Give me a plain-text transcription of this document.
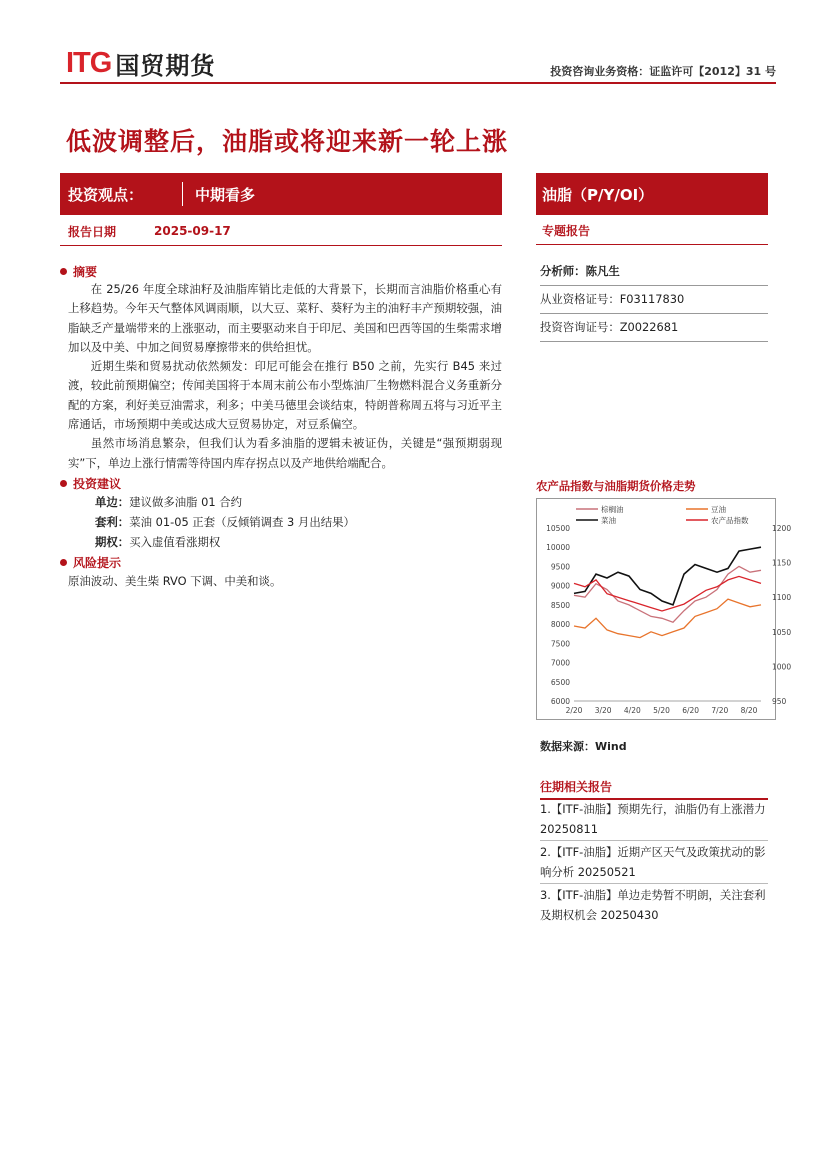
ITG 国贸期货	投资咨询业务资格：证监许可【2012】31 号
低波调整后，油脂或将迎来新一轮上涨
投资观点：	中期看多	油脂（P/Y/OI）
报告日期	2025-09-17	专题报告
摘要

在 25/26 年度全球油籽及油脂库销比走低的大背景下，长期而言油脂价格重心有上移趋势。今年天气整体风调雨顺，以大豆、菜籽、葵籽为主的油籽丰产预期较强，油脂缺乏产量端带来的上涨驱动，而主要驱动来自于印尼、美国和巴西等国的生柴需求增加以及中美、中加之间贸易摩擦带来的供给担忧。

近期生柴和贸易扰动依然频发：印尼可能会在推行 B50 之前，先实行 B45 来过渡，较此前预期偏空；传闻美国将于本周末前公布小型炼油厂生物燃料混合义务重新分配的方案，利好美豆油需求，利多；中美马德里会谈结束，特朗普称周五将与习近平主席通话，市场预期中美或达成大豆贸易协定，对豆系偏空。

虽然市场消息繁杂，但我们认为看多油脂的逻辑未被证伪，关键是“强预期弱现实”下，单边上涨行情需等待国内库存拐点以及产地供给端配合。

投资建议
单边：建议做多油脂 01 合约
套利：菜油 01-05 正套（反倾销调查 3 月出结果）
期权：买入虚值看涨期权
风险提示
原油波动、美生柴 RVO 下调、中美和谈。
分析师：陈凡生
从业资格证号：F03117830
投资咨询证号：Z0022681
农产品指数与油脂期货价格走势
10500
10000
9500
9000
8500
8000
7500
7000
6500
6000
1200
1150
1100
1050
1000
950
2/20 3/20 4/20 5/20 6/20 7/20 8/20
棕榈油	豆油
菜油	农产品指数
数据来源：Wind
往期相关报告
1.【ITF-油脂】预期先行，油脂仍有上涨潜力 20250811
2.【ITF-油脂】近期产区天气及政策扰动的影响分析 20250521
3.【ITF-油脂】单边走势暂不明朗，关注套利及期权机会 20250430
